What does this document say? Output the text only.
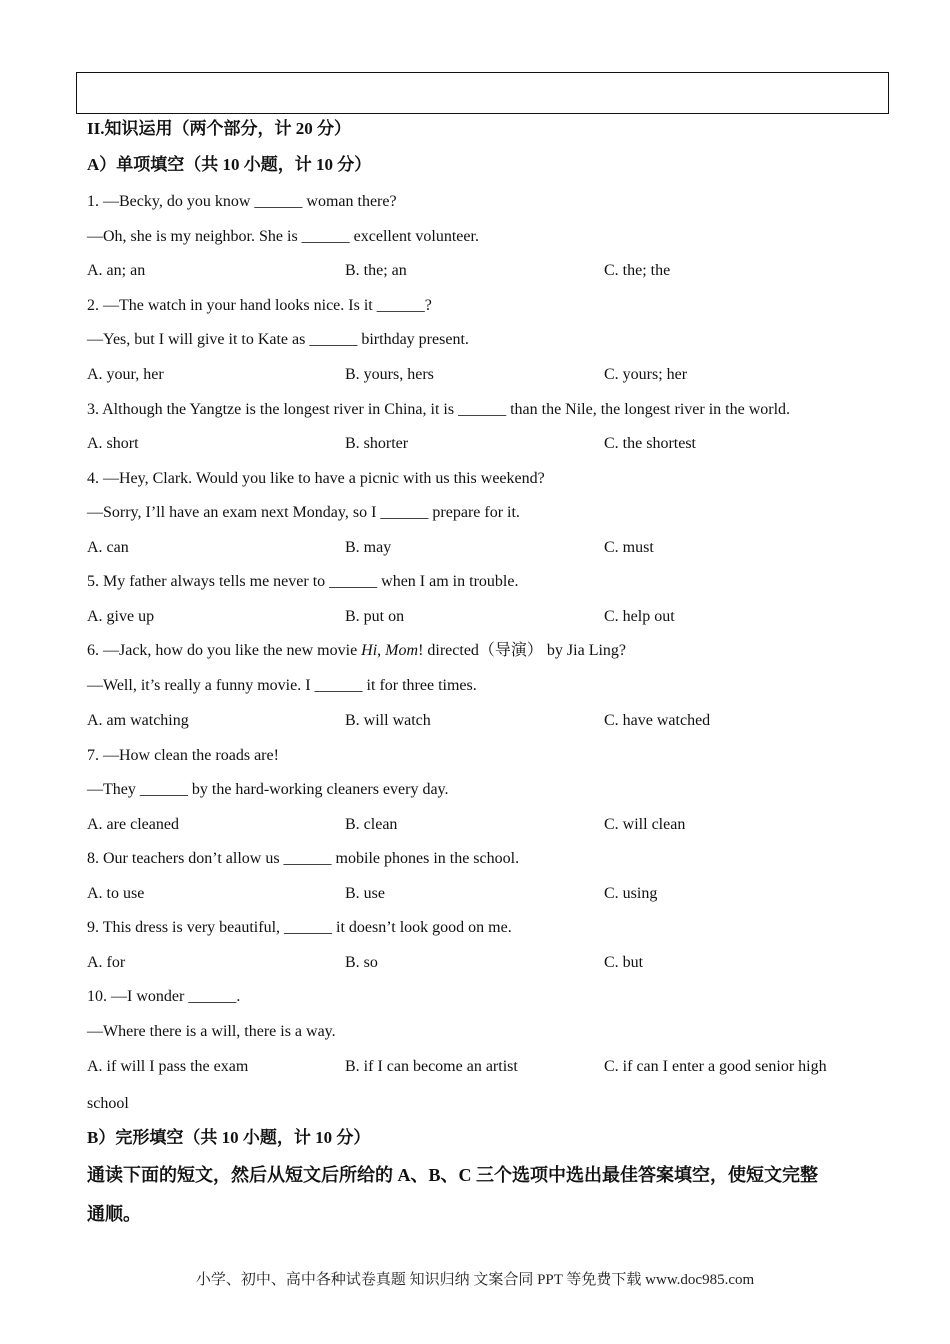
II.知识运用（两个部分，计 20 分）
A）单项填空（共 10 小题，计 10 分）
1. —Becky, do you know ______ woman there?
—Oh, she is my neighbor. She is ______ excellent volunteer.
A. an; an	B. the; an	C. the; the
2. —The watch in your hand looks nice. Is it ______?
—Yes, but I will give it to Kate as ______ birthday present.
A. your, her	B. yours, hers	C. yours; her
3. Although the Yangtze is the longest river in China, it is ______ than the Nile, the longest river in the world.
A. short	B. shorter	C. the shortest
4. —Hey, Clark. Would you like to have a picnic with us this weekend?
—Sorry, I’ll have an exam next Monday, so I ______ prepare for it.
A. can	B. may	C. must
5. My father always tells me never to ______ when I am in trouble.
A. give up	B. put on	C. help out
6. —Jack, how do you like the new movie Hi, Mom! directed（导演） by Jia Ling?
—Well, it’s really a funny movie. I ______ it for three times.
A. am watching	B. will watch	C. have watched
7. —How clean the roads are!
—They ______ by the hard-working cleaners every day.
A. are cleaned	B. clean	C. will clean
8. Our teachers don’t allow us ______ mobile phones in the school.
A. to use	B. use	C. using
9. This dress is very beautiful, ______ it doesn’t look good on me.
A. for	B. so	C. but
10. —I wonder ______.
—Where there is a will, there is a way.
A. if will I pass the exam	B. if I can become an artist	C. if can I enter a good senior high
school
B）完形填空（共 10 小题，计 10 分）
通读下面的短文，然后从短文后所给的 A、B、C 三个选项中选出最佳答案填空，使短文完整
通顺。
小学、初中、高中各种试卷真题 知识归纳 文案合同 PPT 等免费下载 www.doc985.com
